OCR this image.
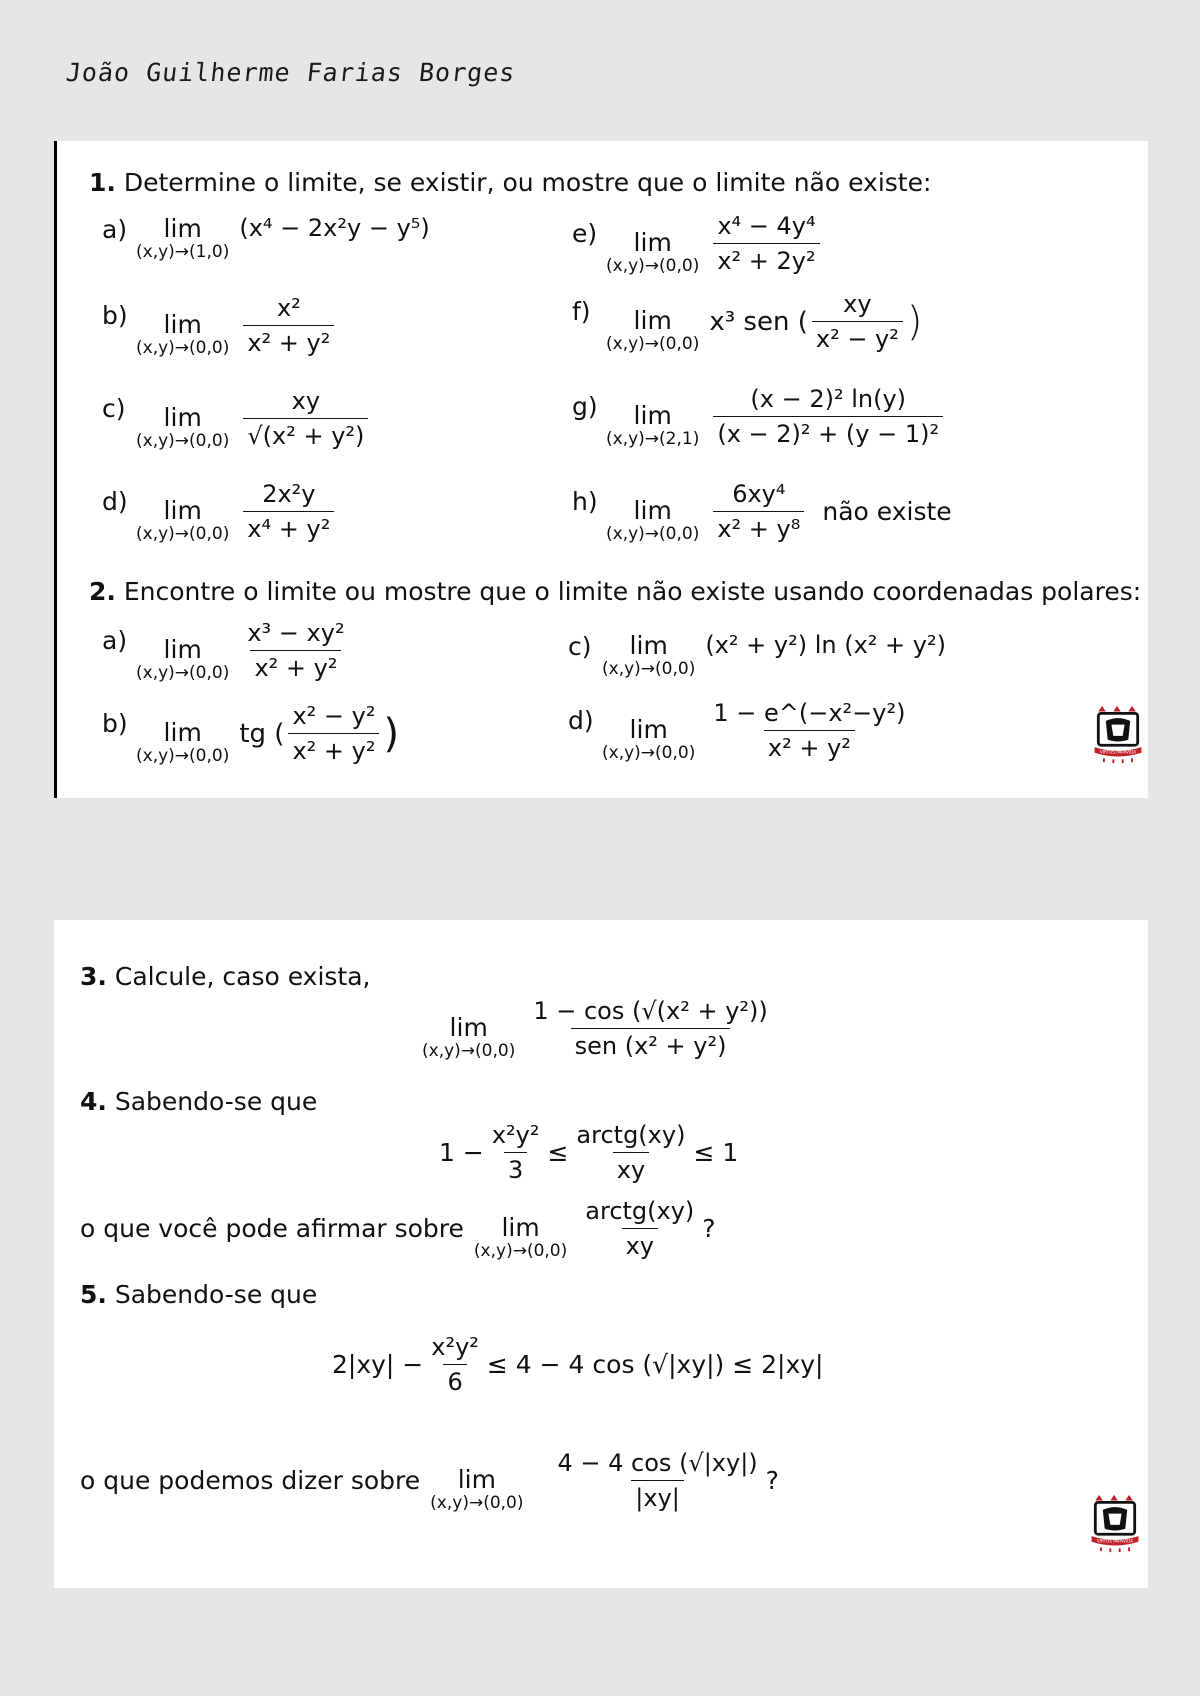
João Guilherme Farias Borges
1. Determine o limite, se existir, ou mostre que o limite não existe:
a)	lim
(x,y)→(1,0)
(x⁴ − 2x²y − y⁵)	e)	lim
$(x,y)\to(0,0) \frac{\text{x⁴ − 4y⁴}}{\text{x² + 2y²}}$
b)	lim
$(x,y)\to(0,0) \frac{\text{x²}}{\text{x² + y²}}$	f)	lim
(x,y)→(0,0)
x³ sen ( $\frac{xy}{\text{x² − y²}}$ )
c)	lim
$(x,y)\to(0,0) \frac{xy}{\text{√(x² + y²)}}$	g)	lim
$(x,y)\to(2,1) \frac{\text{(x − 2)² ln(y)}}{\text{(x − 2)² + (y − 1)²}}$
d)	lim
$(x,y)\to(0,0) \frac{\text{2x²y}}{\text{x⁴ + y²}}$	h)	lim
$(x,y)\to(0,0) \frac{\text{6xy⁴}}{\text{x² + y⁸}}$ não existe
2. Encontre o limite ou mostre que o limite não existe usando coordenadas polares:
a)	lim
$(x,y)\to(0,0) \frac{\text{x³ − xy²}}{\text{x² + y²}}$	c)	lim
(x,y)→(0,0)
(x² + y²) ln (x² + y²)
b)	lim
(x,y)→(0,0)
tg ( $\frac{\text{x² − y²}}{\text{x² + y²}}$ )	d)	lim
$(x,y)\to(0,0) \frac{\text{1 − e\textasciicircum{}(−x²−y²)}}{\text{x² + y²}}$	VIRTUS IMPAVIDA
3. Calcule, caso exista,
lim
$(x,y)\to(0,0) \frac{\text{1 − cos (√(x² + y²))}}{\text{sen (x² + y²)}}$
4. Sabendo-se que
$1 - \frac{\text{x²y²}}{3} \le \frac{\text{arctg(xy)}}{xy} \le 1$
o que você pode afirmar sobre lim
$(x,y)\to(0,0) \frac{\text{arctg(xy)}}{xy}$ ?
5. Sabendo-se que
$2|xy| - \frac{\text{x²y²}}{6} \le 4 - 4$ cos (√|xy|) ≤ 2|xy|
o que podemos dizer sobre lim
$(x,y)\to(0,0) \frac{4 - 4 \cos (√|xy|)}{|xy|}$ ?
VIRTUS IMPAVIDA
